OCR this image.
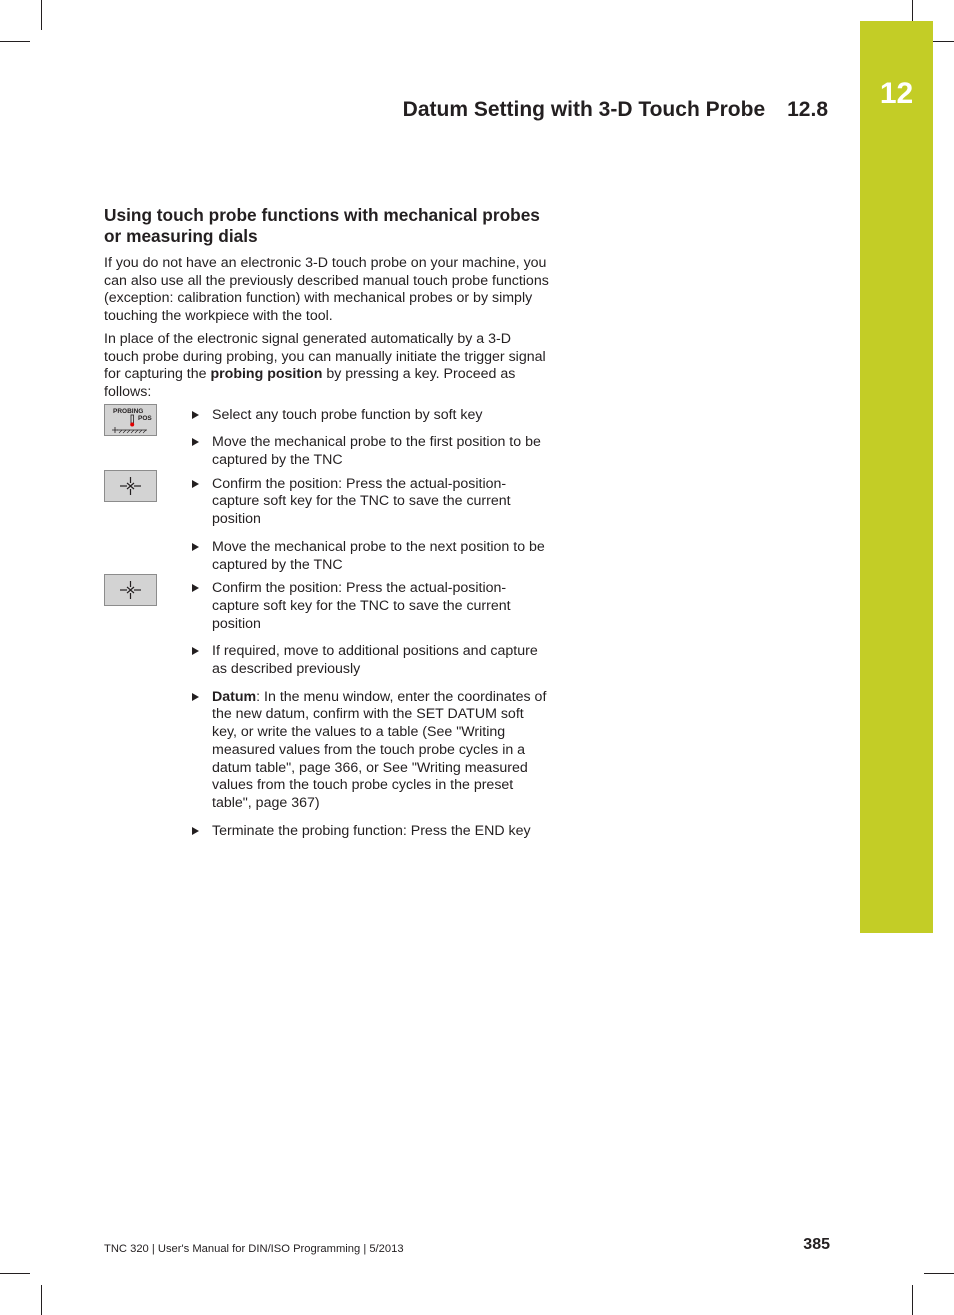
12
Datum Setting with 3-D Touch Probe 12.8
Using touch probe functions with mechanical probes or measuring dials

If you do not have an electronic 3-D touch probe on your machine, you can also use all the previously described manual touch probe functions (exception: calibration function) with mechanical probes or by simply touching the workpiece with the tool.

In place of the electronic signal generated automatically by a 3-D touch probe during probing, you can manually initiate the trigger signal for capturing the probing position by pressing a key. Proceed as follows:

PROBING
POS	Select any touch probe function by soft key
Move the mechanical probe to the first position to be captured by the TNC
Confirm the position: Press the actual-position-capture soft key for the TNC to save the current position
Move the mechanical probe to the next position to be captured by the TNC
Confirm the position: Press the actual-position-capture soft key for the TNC to save the current position
If required, move to additional positions and capture as described previously
Datum: In the menu window, enter the coordinates of the new datum, confirm with the SET DATUM soft key, or write the values to a table (See "Writing measured values from the touch probe cycles in a datum table", page 366, or See "Writing measured values from the touch probe cycles in the preset table", page 367)
Terminate the probing function: Press the END key
TNC 320 | User's Manual for DIN/ISO Programming | 5/2013	385
